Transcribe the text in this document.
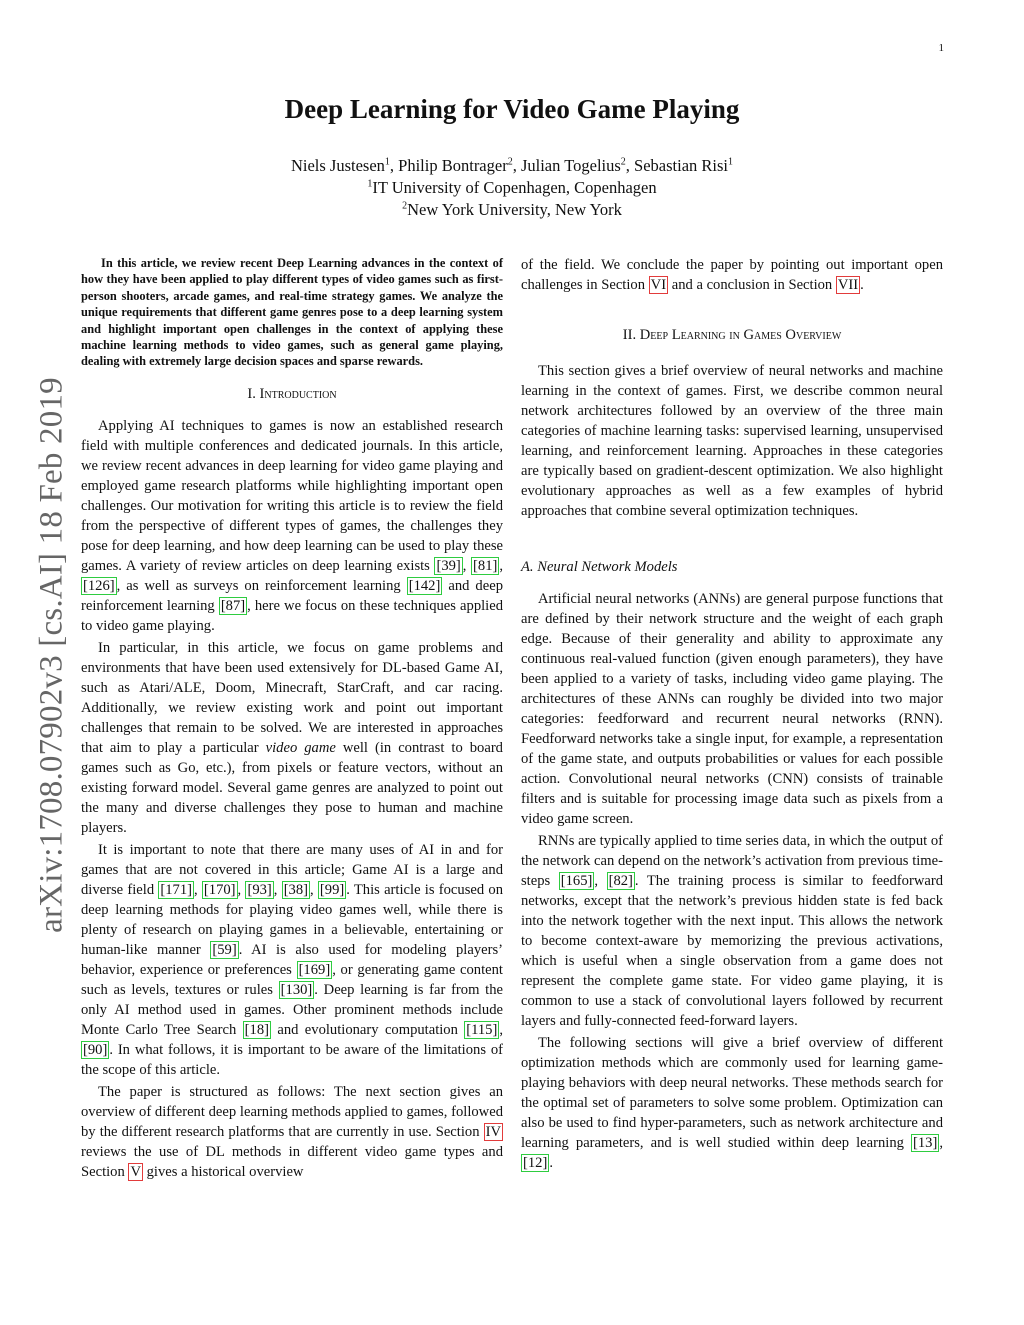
1
arXiv:1708.07902v3 [cs.AI] 18 Feb 2019
Deep Learning for Video Game Playing
Niels Justesen$^1$, Philip Bontrager$^2$, Julian Togelius$^2$, Sebastian Risi$^1$
$^1$IT University of Copenhagen, Copenhagen
$^2$New York University, New York

In this article, we review recent Deep Learning advances in the context of how they have been applied to play different types of video games such as first-person shooters, arcade games, and real-time strategy games. We analyze the unique requirements that different game genres pose to a deep learning system and highlight important open challenges in the context of applying these machine learning methods to video games, such as general game playing, dealing with extremely large decision spaces and sparse rewards.

I. Introduction

Applying AI techniques to games is now an established research field with multiple conferences and dedicated journals. In this article, we review recent advances in deep learning for video game playing and employed game research platforms while highlighting important open challenges. Our motivation for writing this article is to review the field from the perspective of different types of games, the challenges they pose for deep learning, and how deep learning can be used to play these games. A variety of review articles on deep learning exists [39] , [81] , [126] , as well as surveys on reinforcement learning [142] and deep reinforcement learning [87] , here we focus on these techniques applied to video game playing.

In particular, in this article, we focus on game problems and environments that have been used extensively for DL-based Game AI, such as Atari/ALE, Doom, Minecraft, StarCraft, and car racing. Additionally, we review existing work and point out important challenges that remain to be solved. We are interested in approaches that aim to play a particular video game well (in contrast to board games such as Go, etc.), from pixels or feature vectors, without an existing forward model. Several game genres are analyzed to point out the many and diverse challenges they pose to human and machine players.

It is important to note that there are many uses of AI in and for games that are not covered in this article; Game AI is a large and diverse field [171] , [170] , [93] , [38] , [99] . This article is focused on deep learning methods for playing video games well, while there is plenty of research on playing games in a believable, entertaining or human-like manner [59] . AI is also used for modeling players’ behavior, experience or preferences [169] , or generating game content such as levels, textures or rules [130] . Deep learning is far from the only AI method used in games. Other prominent methods include Monte Carlo Tree Search [18] and evolutionary computation [115] , [90] . In what follows, it is important to be aware of the limitations of the scope of this article.

The paper is structured as follows: The next section gives an overview of different deep learning methods applied to games, followed by the different research platforms that are currently in use. Section IV reviews the use of DL methods in different video game types and Section V gives a historical overview

of the field. We conclude the paper by pointing out important open challenges in Section VI and a conclusion in Section VII .

II. Deep Learning in Games Overview

This section gives a brief overview of neural networks and machine learning in the context of games. First, we describe common neural network architectures followed by an overview of the three main categories of machine learning tasks: supervised learning, unsupervised learning, and reinforcement learning. Approaches in these categories are typically based on gradient-descent optimization. We also highlight evolutionary approaches as well as a few examples of hybrid approaches that combine several optimization techniques.

A. Neural Network Models

Artificial neural networks (ANNs) are general purpose functions that are defined by their network structure and the weight of each graph edge. Because of their generality and ability to approximate any continuous real-valued function (given enough parameters), they have been applied to a variety of tasks, including video game playing. The architectures of these ANNs can roughly be divided into two major categories: feedforward and recurrent neural networks (RNN). Feedforward networks take a single input, for example, a representation of the game state, and outputs probabilities or values for each possible action. Convolutional neural networks (CNN) consists of trainable filters and is suitable for processing image data such as pixels from a video game screen.

RNNs are typically applied to time series data, in which the output of the network can depend on the network’s activation from previous time-steps [165] , [82] . The training process is similar to feedforward networks, except that the network’s previous hidden state is fed back into the network together with the next input. This allows the network to become context-aware by memorizing the previous activations, which is useful when a single observation from a game does not represent the complete game state. For video game playing, it is common to use a stack of convolutional layers followed by recurrent layers and fully-connected feed-forward layers.

The following sections will give a brief overview of different optimization methods which are commonly used for learning game-playing behaviors with deep neural networks. These methods search for the optimal set of parameters to solve some problem. Optimization can also be used to find hyper-parameters, such as network architecture and learning parameters, and is well studied within deep learning [13] , [12] .
